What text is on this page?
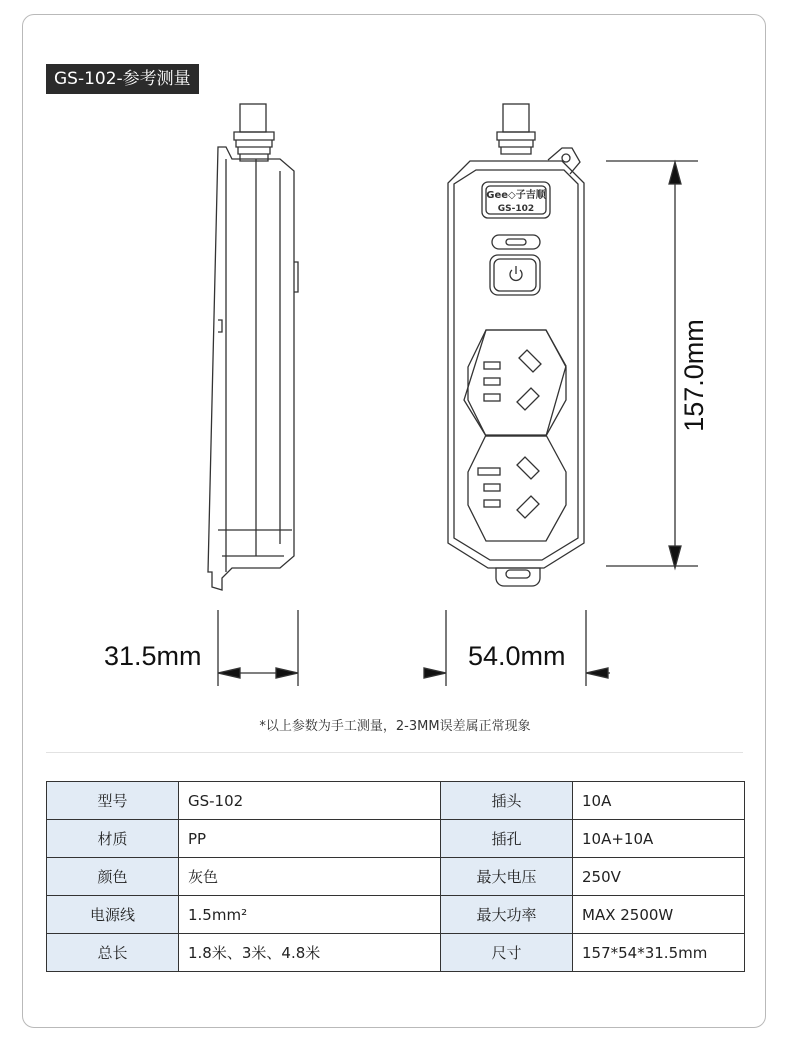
GS-102-参考测量
Gee◇子吉顺
GS-102
31.5mm	54.0mm
157.0mm
*以上参数为手工测量，2-3MM误差属正常现象
型号	GS-102	插头	10A
材质	PP	插孔	10A+10A
颜色	灰色	最大电压	250V
电源线	1.5mm²	最大功率	MAX 2500W
总长	1.8米、3米、4.8米	尺寸	157*54*31.5mm
